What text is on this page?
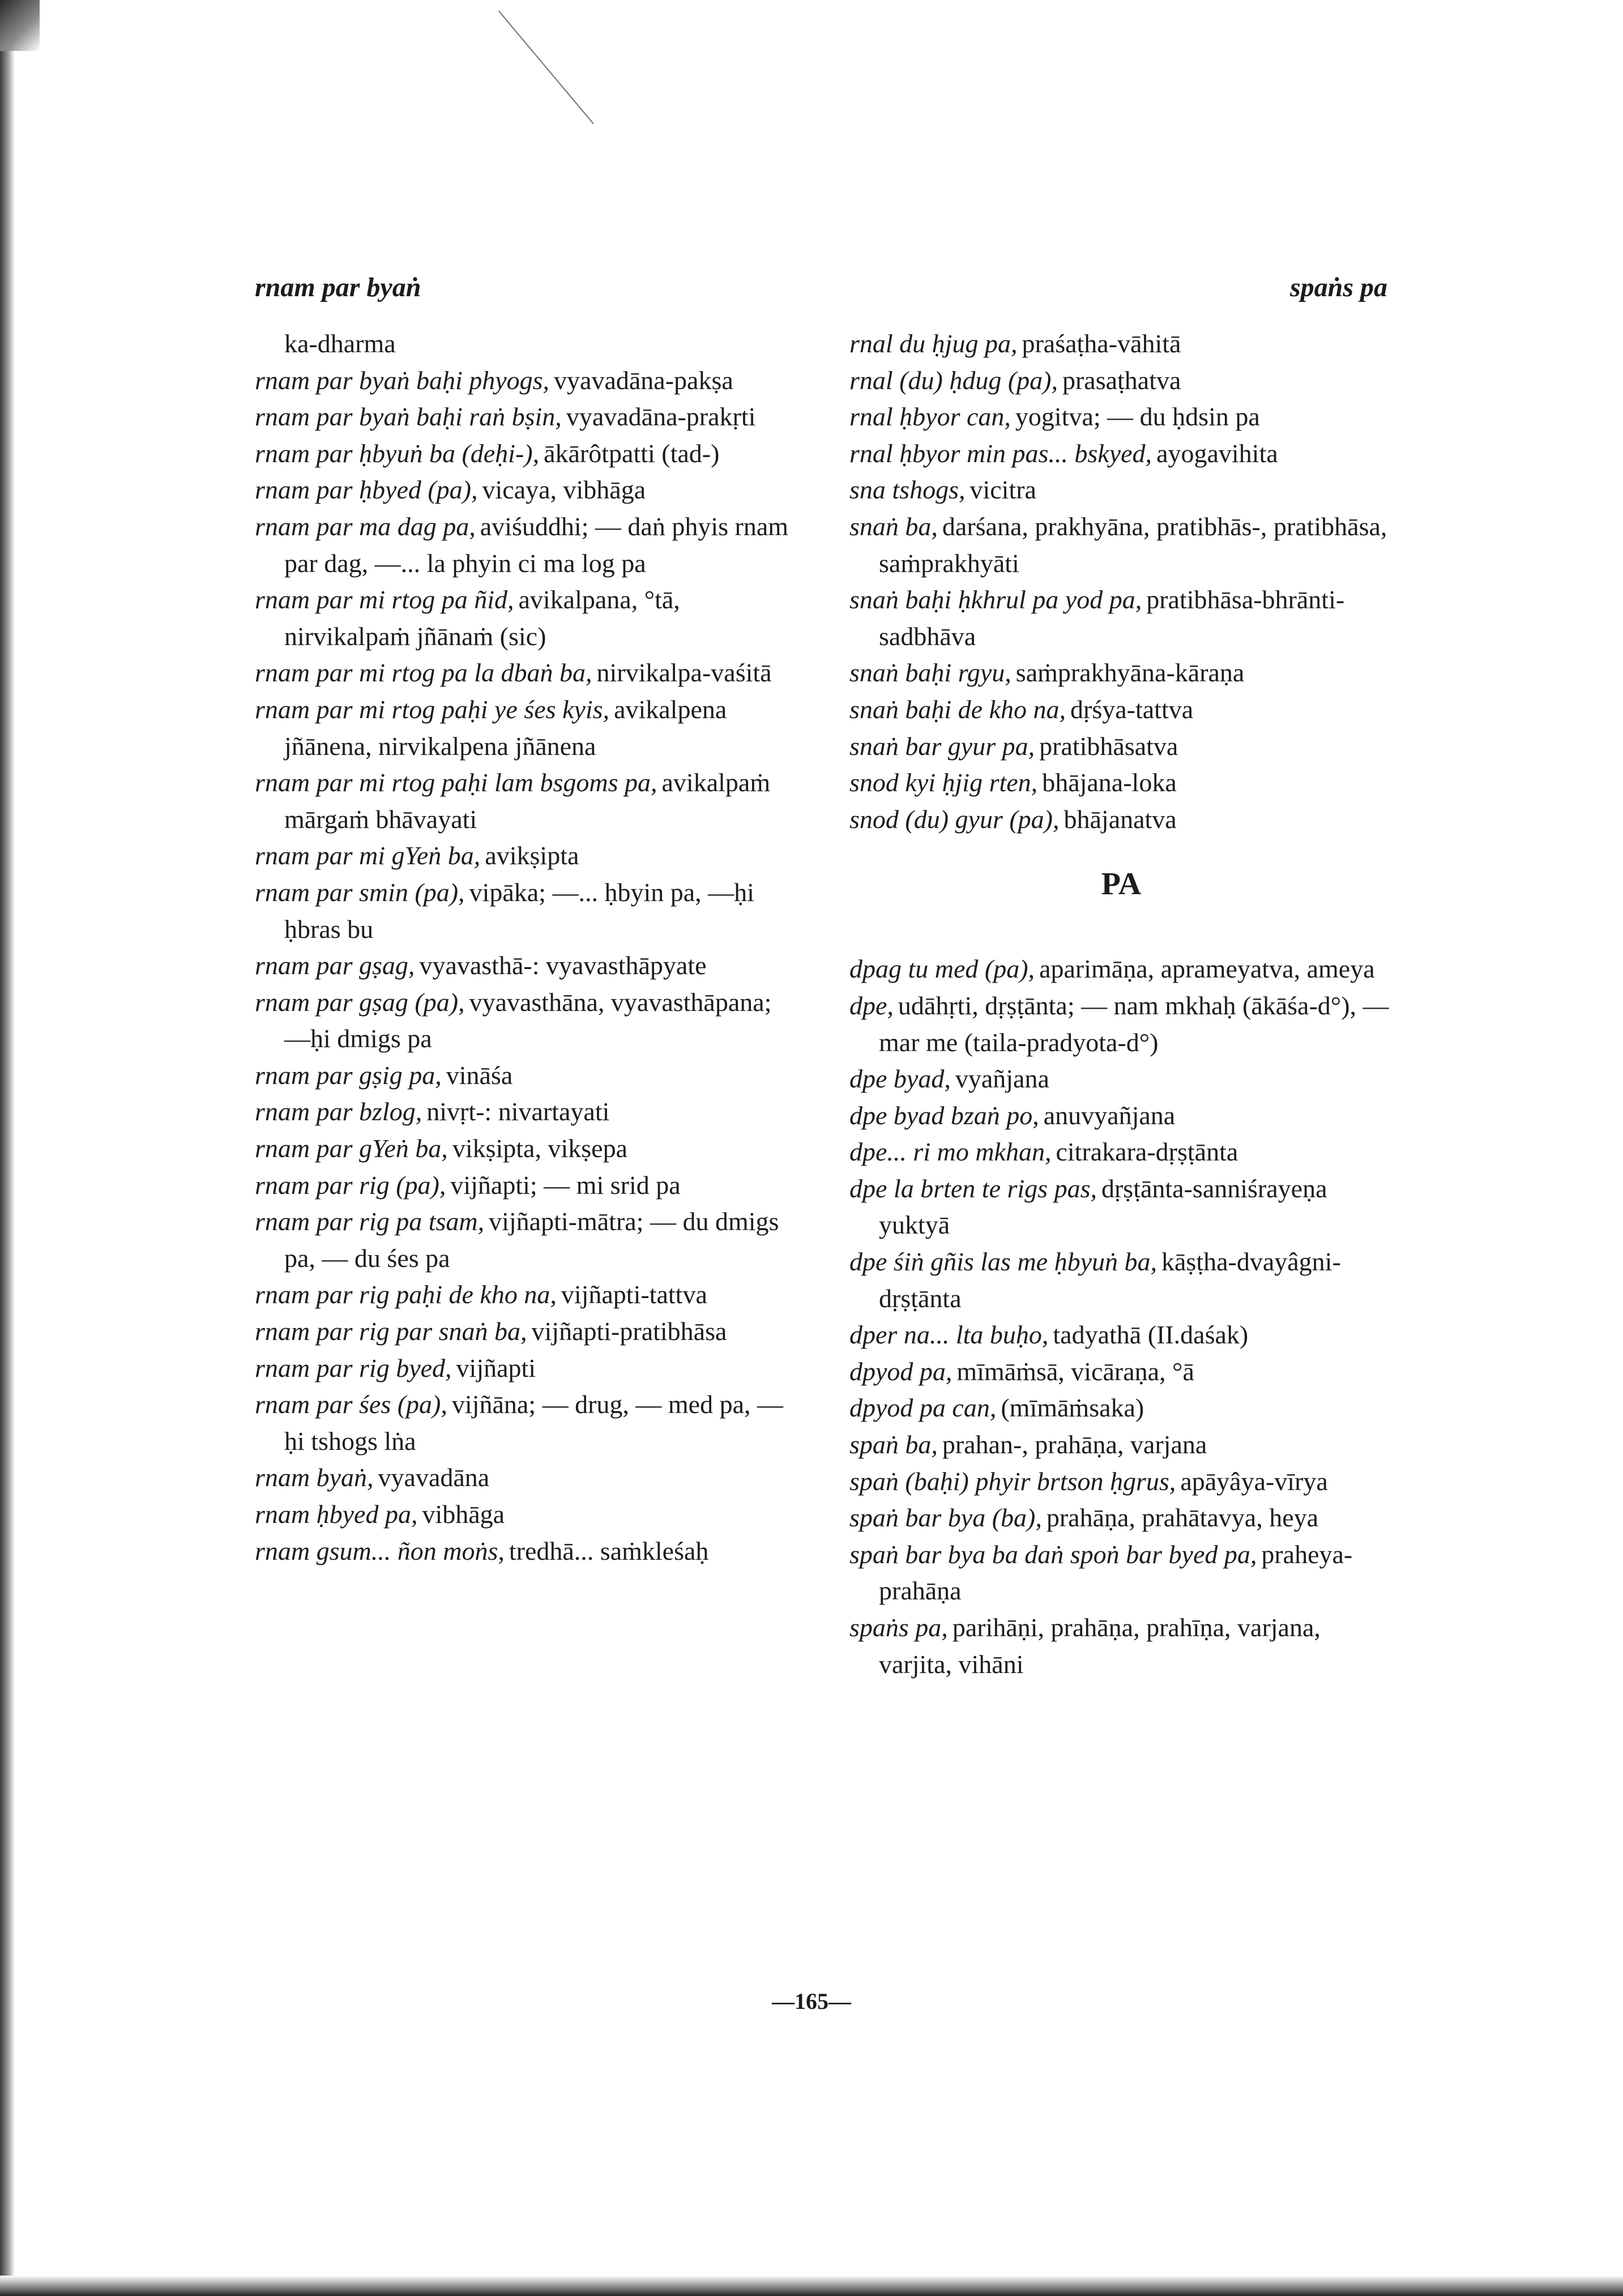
rnam par byaṅ	spaṅs pa
ka-dharma
rnam par byaṅ baḥi phyogs, vyavadāna-pakṣa
rnam par byaṅ baḥi raṅ bṣin, vyavadāna-prakṛti
rnam par ḥbyuṅ ba (deḥi-), ākārôtpatti (tad-)
rnam par ḥbyed (pa), vicaya, vibhāga
rnam par ma dag pa, aviśuddhi; — daṅ phyis rnam par dag, —... la phyin ci ma log pa
rnam par mi rtog pa ñid, avikalpana, °tā, nirvikalpaṁ jñānaṁ (sic)
rnam par mi rtog pa la dbaṅ ba, nirvikalpa-vaśitā
rnam par mi rtog paḥi ye śes kyis, avikalpena jñānena, nirvikalpena jñānena
rnam par mi rtog paḥi lam bsgoms pa, avikalpaṁ mārgaṁ bhāvayati
rnam par mi gYeṅ ba, avikṣipta
rnam par smin (pa), vipāka; —... ḥbyin pa, —ḥi ḥbras bu
rnam par gṣag, vyavasthā-: vyavasthāpyate
rnam par gṣag (pa), vyavasthāna, vyavasthāpana; —ḥi dmigs pa
rnam par gṣig pa, vināśa
rnam par bzlog, nivṛt-: nivartayati
rnam par gYeṅ ba, vikṣipta, vikṣepa
rnam par rig (pa), vijñapti; — mi srid pa
rnam par rig pa tsam, vijñapti-mātra; — du dmigs pa, — du śes pa
rnam par rig paḥi de kho na, vijñapti-tattva
rnam par rig par snaṅ ba, vijñapti-pratibhāsa
rnam par rig byed, vijñapti
rnam par śes (pa), vijñāna; — drug, — med pa, —ḥi tshogs lṅa
rnam byaṅ, vyavadāna
rnam ḥbyed pa, vibhāga
rnam gsum... ñon moṅs, tredhā... saṁkleśaḥ
rnal du ḥjug pa, praśaṭha-vāhitā
rnal (du) ḥdug (pa), prasaṭhatva
rnal ḥbyor can, yogitva; — du ḥdsin pa
rnal ḥbyor min pas... bskyed, ayogavihita
sna tshogs, vicitra
snaṅ ba, darśana, prakhyāna, pratibhās-, pratibhāsa, saṁprakhyāti
snaṅ baḥi ḥkhrul pa yod pa, pratibhāsa-bhrānti-sadbhāva
snaṅ baḥi rgyu, saṁprakhyāna-kāraṇa
snaṅ baḥi de kho na, dṛśya-tattva
snaṅ bar gyur pa, pratibhāsatva
snod kyi ḥjig rten, bhājana-loka
snod (du) gyur (pa), bhājanatva
PA
dpag tu med (pa), aparimāṇa, aprameyatva, ameya
dpe, udāhṛti, dṛṣṭānta; — nam mkhaḥ (ākāśa-d°), — mar me (taila-pradyota-d°)
dpe byad, vyañjana
dpe byad bzaṅ po, anuvyañjana
dpe... ri mo mkhan, citrakara-dṛṣṭānta
dpe la brten te rigs pas, dṛṣṭānta-sanniśrayeṇa yuktyā
dpe śiṅ gñis las me ḥbyuṅ ba, kāṣṭha-dvayâgni-dṛṣṭānta
dper na... lta buḥo, tadyathā (II.daśak)
dpyod pa, mīmāṁsā, vicāraṇa, °ā
dpyod pa can, (mīmāṁsaka)
spaṅ ba, prahan-, prahāṇa, varjana
spaṅ (baḥi) phyir brtson ḥgrus, apāyâya-vīrya
spaṅ bar bya (ba), prahāṇa, prahātavya, heya
spaṅ bar bya ba daṅ spoṅ bar byed pa, praheya-prahāṇa
spaṅs pa, parihāṇi, prahāṇa, prahīṇa, varjana, varjita, vihāni
—165—
